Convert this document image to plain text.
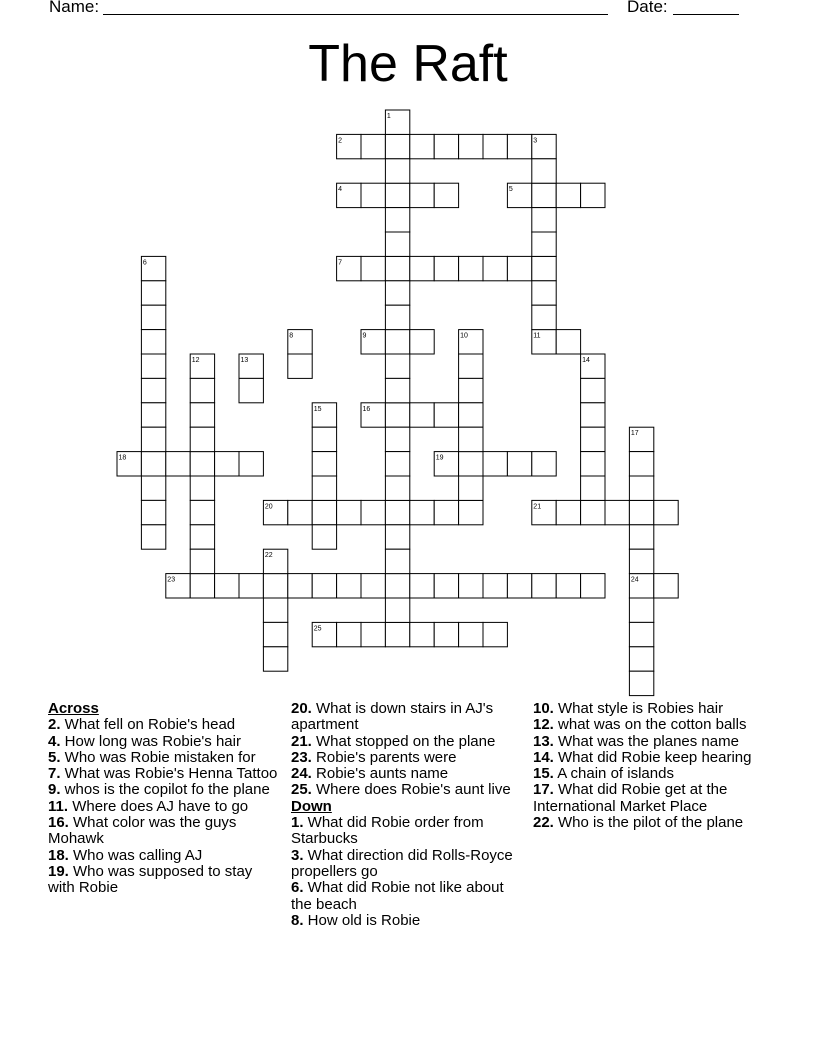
Name:	Date:
The Raft
1
2	3
4	5
6	7
8	9	10	11
12	13	14
15	16
17
18	19
20	21
22
23	24
25
Across
2. What fell on Robie's head
4. How long was Robie's hair
5. Who was Robie mistaken for
7. What was Robie's Henna Tattoo
9. whos is the copilot fo the plane
11. Where does AJ have to go
16. What color was the guys Mohawk
18. Who was calling AJ
19. Who was supposed to stay with Robie
20. What is down stairs in AJ's apartment
21. What stopped on the plane
23. Robie's parents were
24. Robie's aunts name
25. Where does Robie's aunt live
Down
1. What did Robie order from Starbucks
3. What direction did Rolls-Royce propellers go
6. What did Robie not like about the beach
8. How old is Robie
10. What style is Robies hair
12. what was on the cotton balls
13. What was the planes name
14. What did Robie keep hearing
15. A chain of islands
17. What did Robie get at the International Market Place
22. Who is the pilot of the plane
